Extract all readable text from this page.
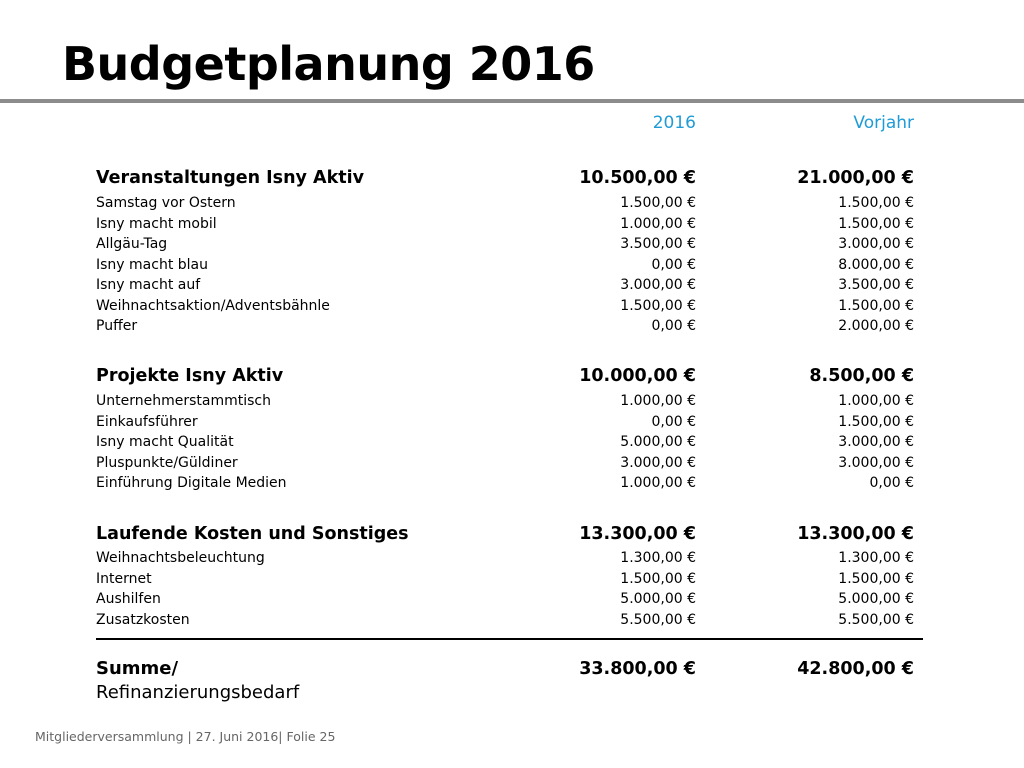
Budgetplanung 2016
2016	Vorjahr
Veranstaltungen Isny Aktiv	10.500,00 €	21.000,00 €
Samstag vor Ostern	1.500,00 €	1.500,00 €
Isny macht mobil	1.000,00 €	1.500,00 €
Allgäu-Tag	3.500,00 €	3.000,00 €
Isny macht blau	0,00 €	8.000,00 €
Isny macht auf	3.000,00 €	3.500,00 €
Weihnachtsaktion/Adventsbähnle	1.500,00 €	1.500,00 €
Puffer	0,00 €	2.000,00 €
Projekte Isny Aktiv	10.000,00 €	8.500,00 €
Unternehmerstammtisch	1.000,00 €	1.000,00 €
Einkaufsführer	0,00 €	1.500,00 €
Isny macht Qualität	5.000,00 €	3.000,00 €
Pluspunkte/Güldiner	3.000,00 €	3.000,00 €
Einführung Digitale Medien	1.000,00 €	0,00 €
Laufende Kosten und Sonstiges	13.300,00 €	13.300,00 €
Weihnachtsbeleuchtung	1.300,00 €	1.300,00 €
Internet	1.500,00 €	1.500,00 €
Aushilfen	5.000,00 €	5.000,00 €
Zusatzkosten	5.500,00 €	5.500,00 €
Summe/
Refinanzierungsbedarf
33.800,00 €	42.800,00 €
Mitgliederversammlung | 27. Juni 2016| Folie 25
